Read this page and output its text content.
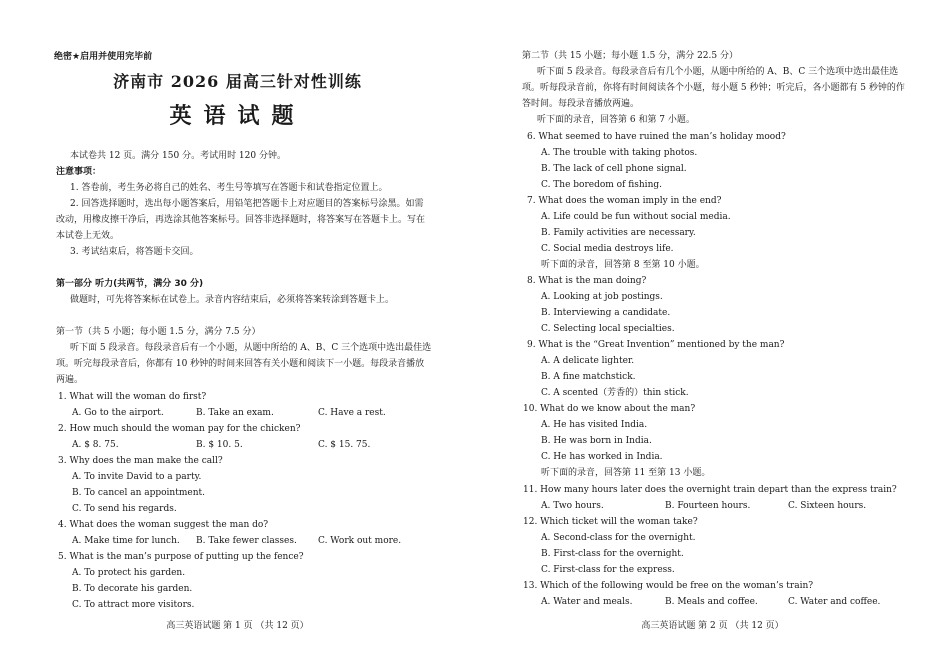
绝密★启用并使用完毕前
济南市 2026 届高三针对性训练
英语试题
本试卷共 12 页。满分 150 分。考试用时 120 分钟。
注意事项：
1. 答卷前，考生务必将自己的姓名、考生号等填写在答题卡和试卷指定位置上。
2. 回答选择题时，选出每小题答案后，用铅笔把答题卡上对应题目的答案标号涂黑。如需
改动，用橡皮擦干净后，再选涂其他答案标号。回答非选择题时，将答案写在答题卡上。写在
本试卷上无效。
3. 考试结束后，将答题卡交回。
第一部分 听力(共两节，满分 30 分)
做题时，可先将答案标在试卷上。录音内容结束后，必须将答案转涂到答题卡上。
第一节（共 5 小题；每小题 1.5 分，满分 7.5 分）
听下面 5 段录音。每段录音后有一个小题，从题中所给的 A、B、C 三个选项中选出最佳选
项。听完每段录音后，你都有 10 秒钟的时间来回答有关小题和阅读下一小题。每段录音播放
两遍。
1. What will the woman do first?
A. Go to the airport.	B. Take an exam.	C. Have a rest.
2. How much should the woman pay for the chicken?
A. $ 8. 75.	B. $ 10. 5.	C. $ 15. 75.
3. Why does the man make the call?
A. To invite David to a party.
B. To cancel an appointment.
C. To send his regards.
4. What does the woman suggest the man do?
A. Make time for lunch. B. Take fewer classes. C. Work out more.
5. What is the man’s purpose of putting up the fence?
A. To protect his garden.
B. To decorate his garden.
C. To attract more visitors.
高三英语试题 第 1 页 （共 12 页）
第二节（共 15 小题；每小题 1.5 分，满分 22.5 分）
听下面 5 段录音。每段录音后有几个小题，从题中所给的 A、B、C 三个选项中选出最佳选
项。听每段录音前，你将有时间阅读各个小题，每小题 5 秒钟；听完后，各小题都有 5 秒钟的作
答时间。每段录音播放两遍。
听下面的录音，回答第 6 和第 7 小题。
6. What seemed to have ruined the man’s holiday mood?
A. The trouble with taking photos.
B. The lack of cell phone signal.
C. The boredom of fishing.
7. What does the woman imply in the end?
A. Life could be fun without social media.
B. Family activities are necessary.
C. Social media destroys life.
听下面的录音，回答第 8 至第 10 小题。
8. What is the man doing?
A. Looking at job postings.
B. Interviewing a candidate.
C. Selecting local specialties.
9. What is the “Great Invention” mentioned by the man?
A. A delicate lighter.
B. A fine matchstick.
C. A scented（芳香的）thin stick.
10. What do we know about the man?
A. He has visited India.
B. He was born in India.
C. He has worked in India.
听下面的录音，回答第 11 至第 13 小题。
11. How many hours later does the overnight train depart than the express train?
A. Two hours.	B. Fourteen hours.	C. Sixteen hours.
12. Which ticket will the woman take?
A. Second-class for the overnight.
B. First-class for the overnight.
C. First-class for the express.
13. Which of the following would be free on the woman’s train?
A. Water and meals.	B. Meals and coffee.	C. Water and coffee.
高三英语试题 第 2 页 （共 12 页）
